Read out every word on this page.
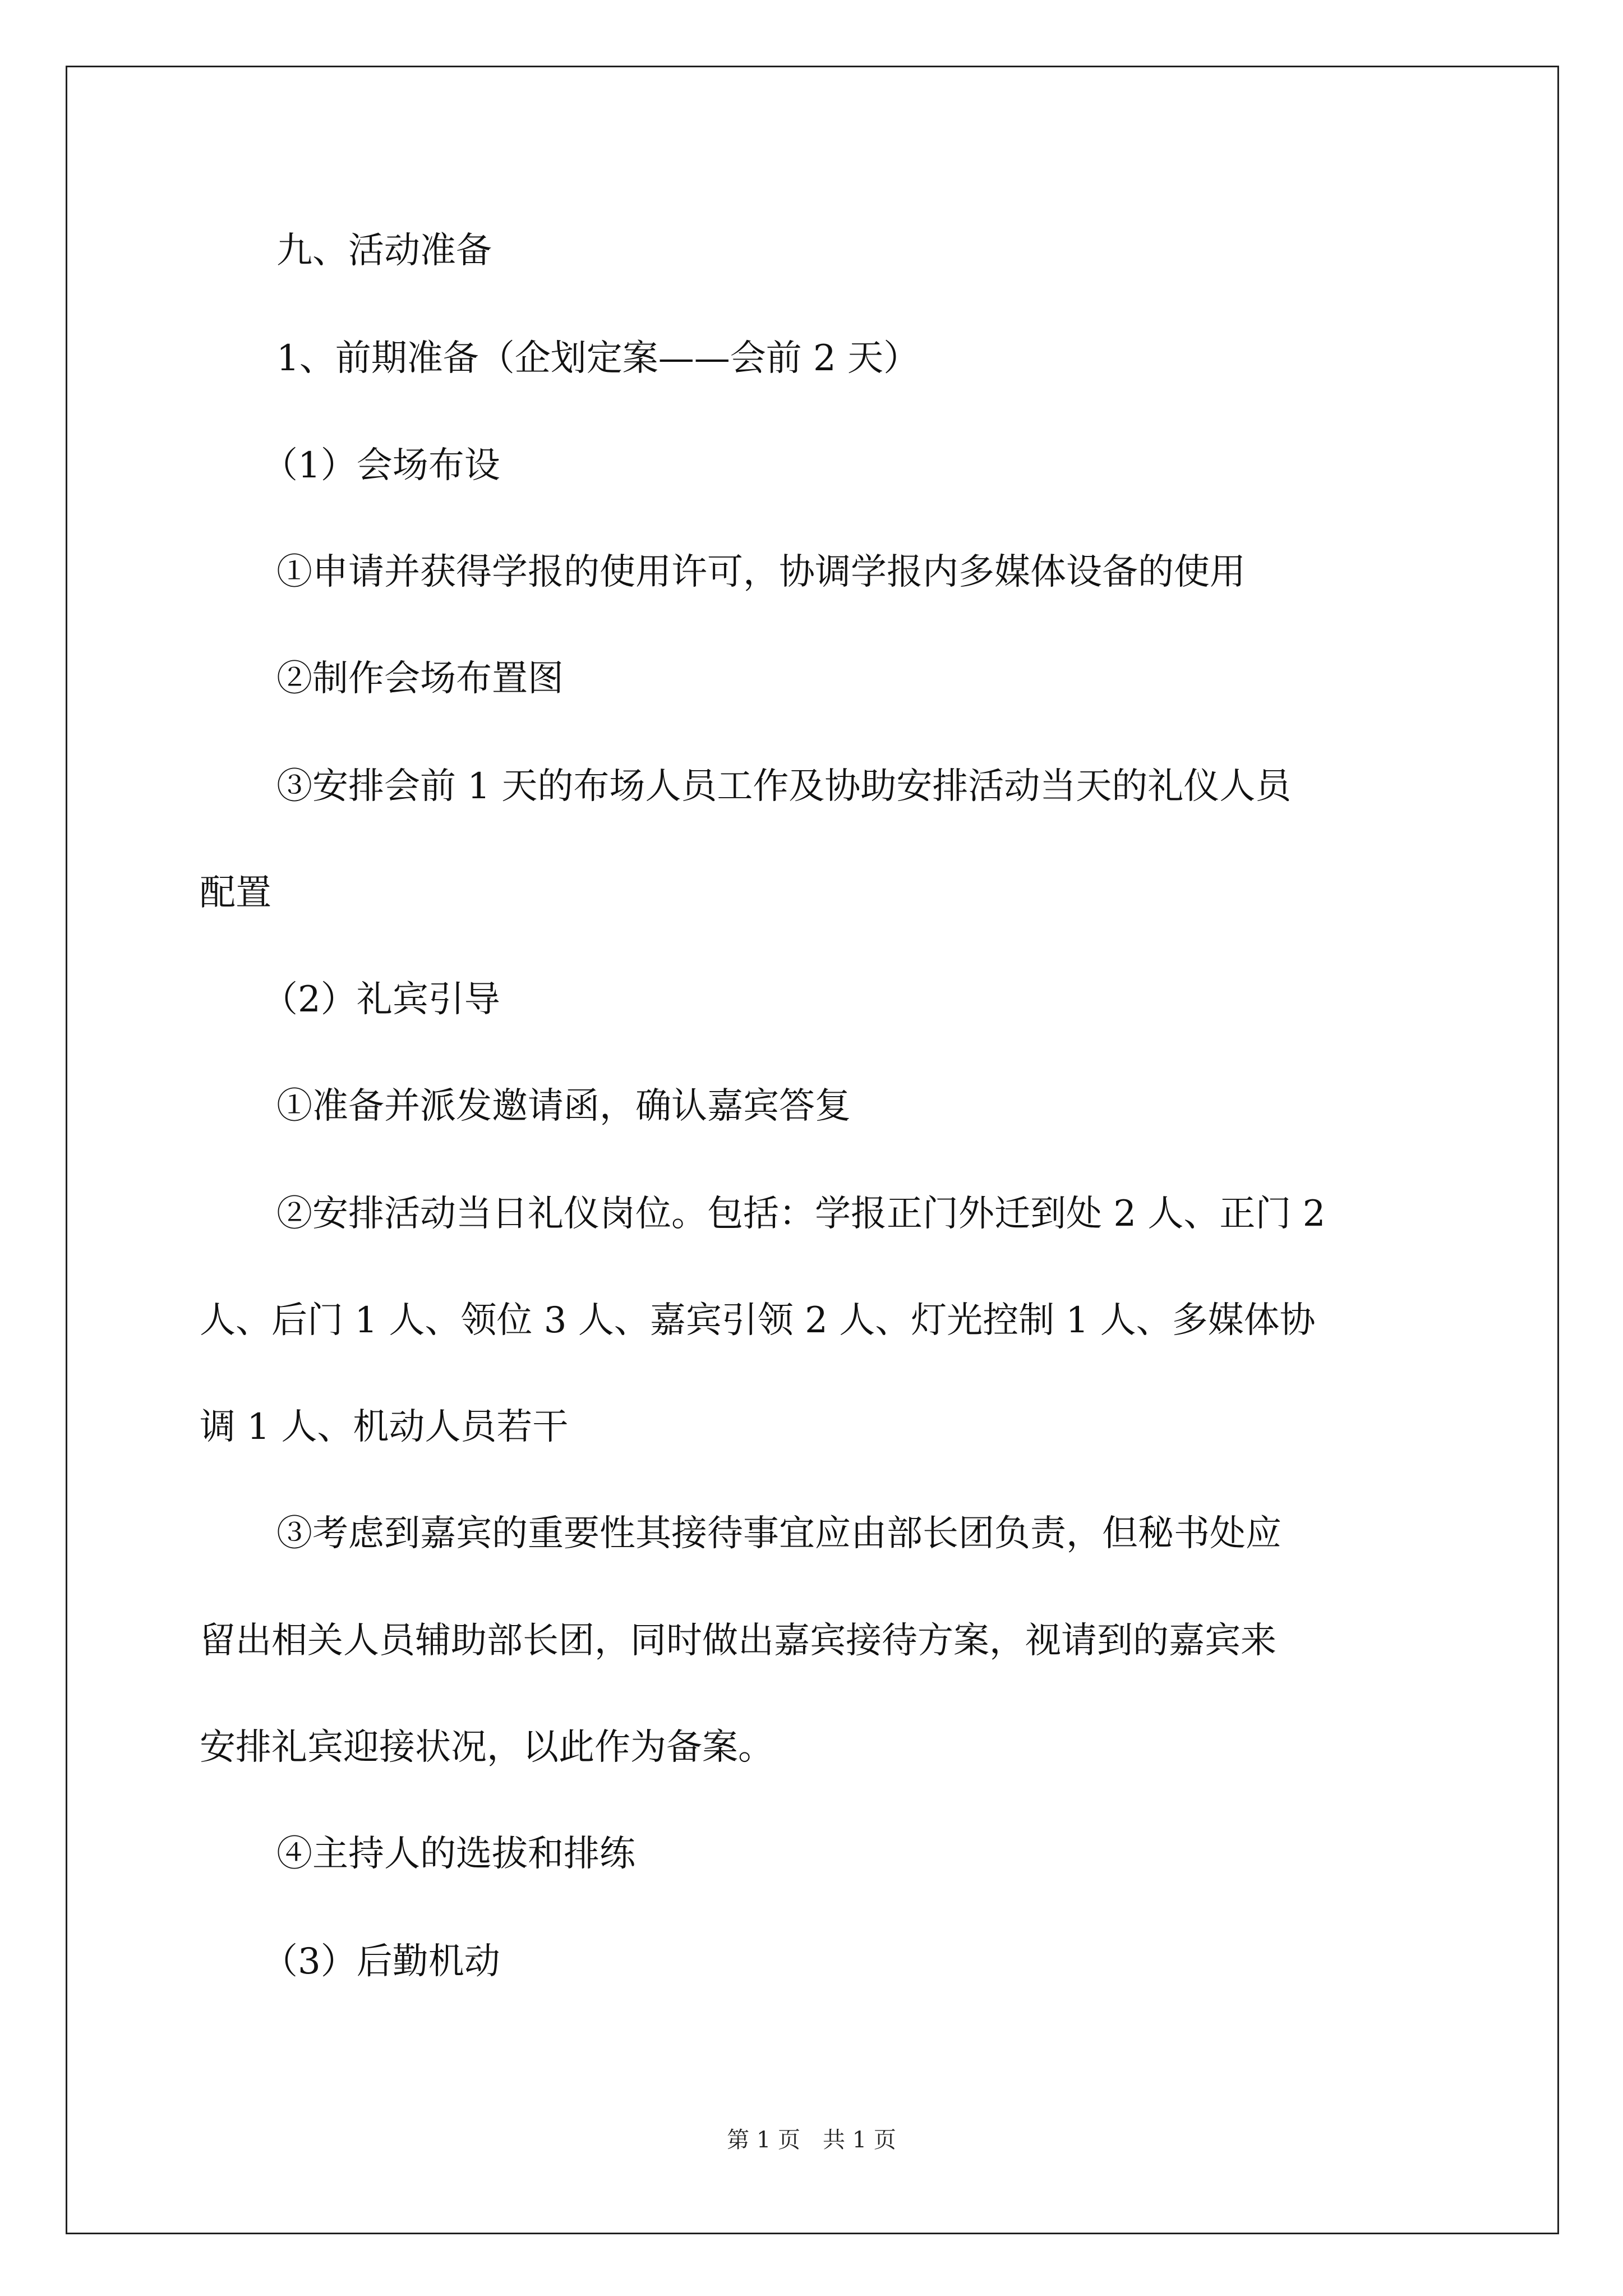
九、活动准备
1、前期准备（企划定案——会前 2 天）
（1）会场布设
①申请并获得学报的使用许可，协调学报内多媒体设备的使用
②制作会场布置图
③安排会前 1 天的布场人员工作及协助安排活动当天的礼仪人员
配置
（2）礼宾引导
①准备并派发邀请函，确认嘉宾答复
②安排活动当日礼仪岗位。包括：学报正门外迁到处 2 人、正门 2
人、后门 1 人、领位 3 人、嘉宾引领 2 人、灯光控制 1 人、多媒体协
调 1 人、机动人员若干
③考虑到嘉宾的重要性其接待事宜应由部长团负责，但秘书处应
留出相关人员辅助部长团，同时做出嘉宾接待方案，视请到的嘉宾来
安排礼宾迎接状况，以此作为备案。
④主持人的选拔和排练
（3）后勤机动
第 1 页　共 1 页
